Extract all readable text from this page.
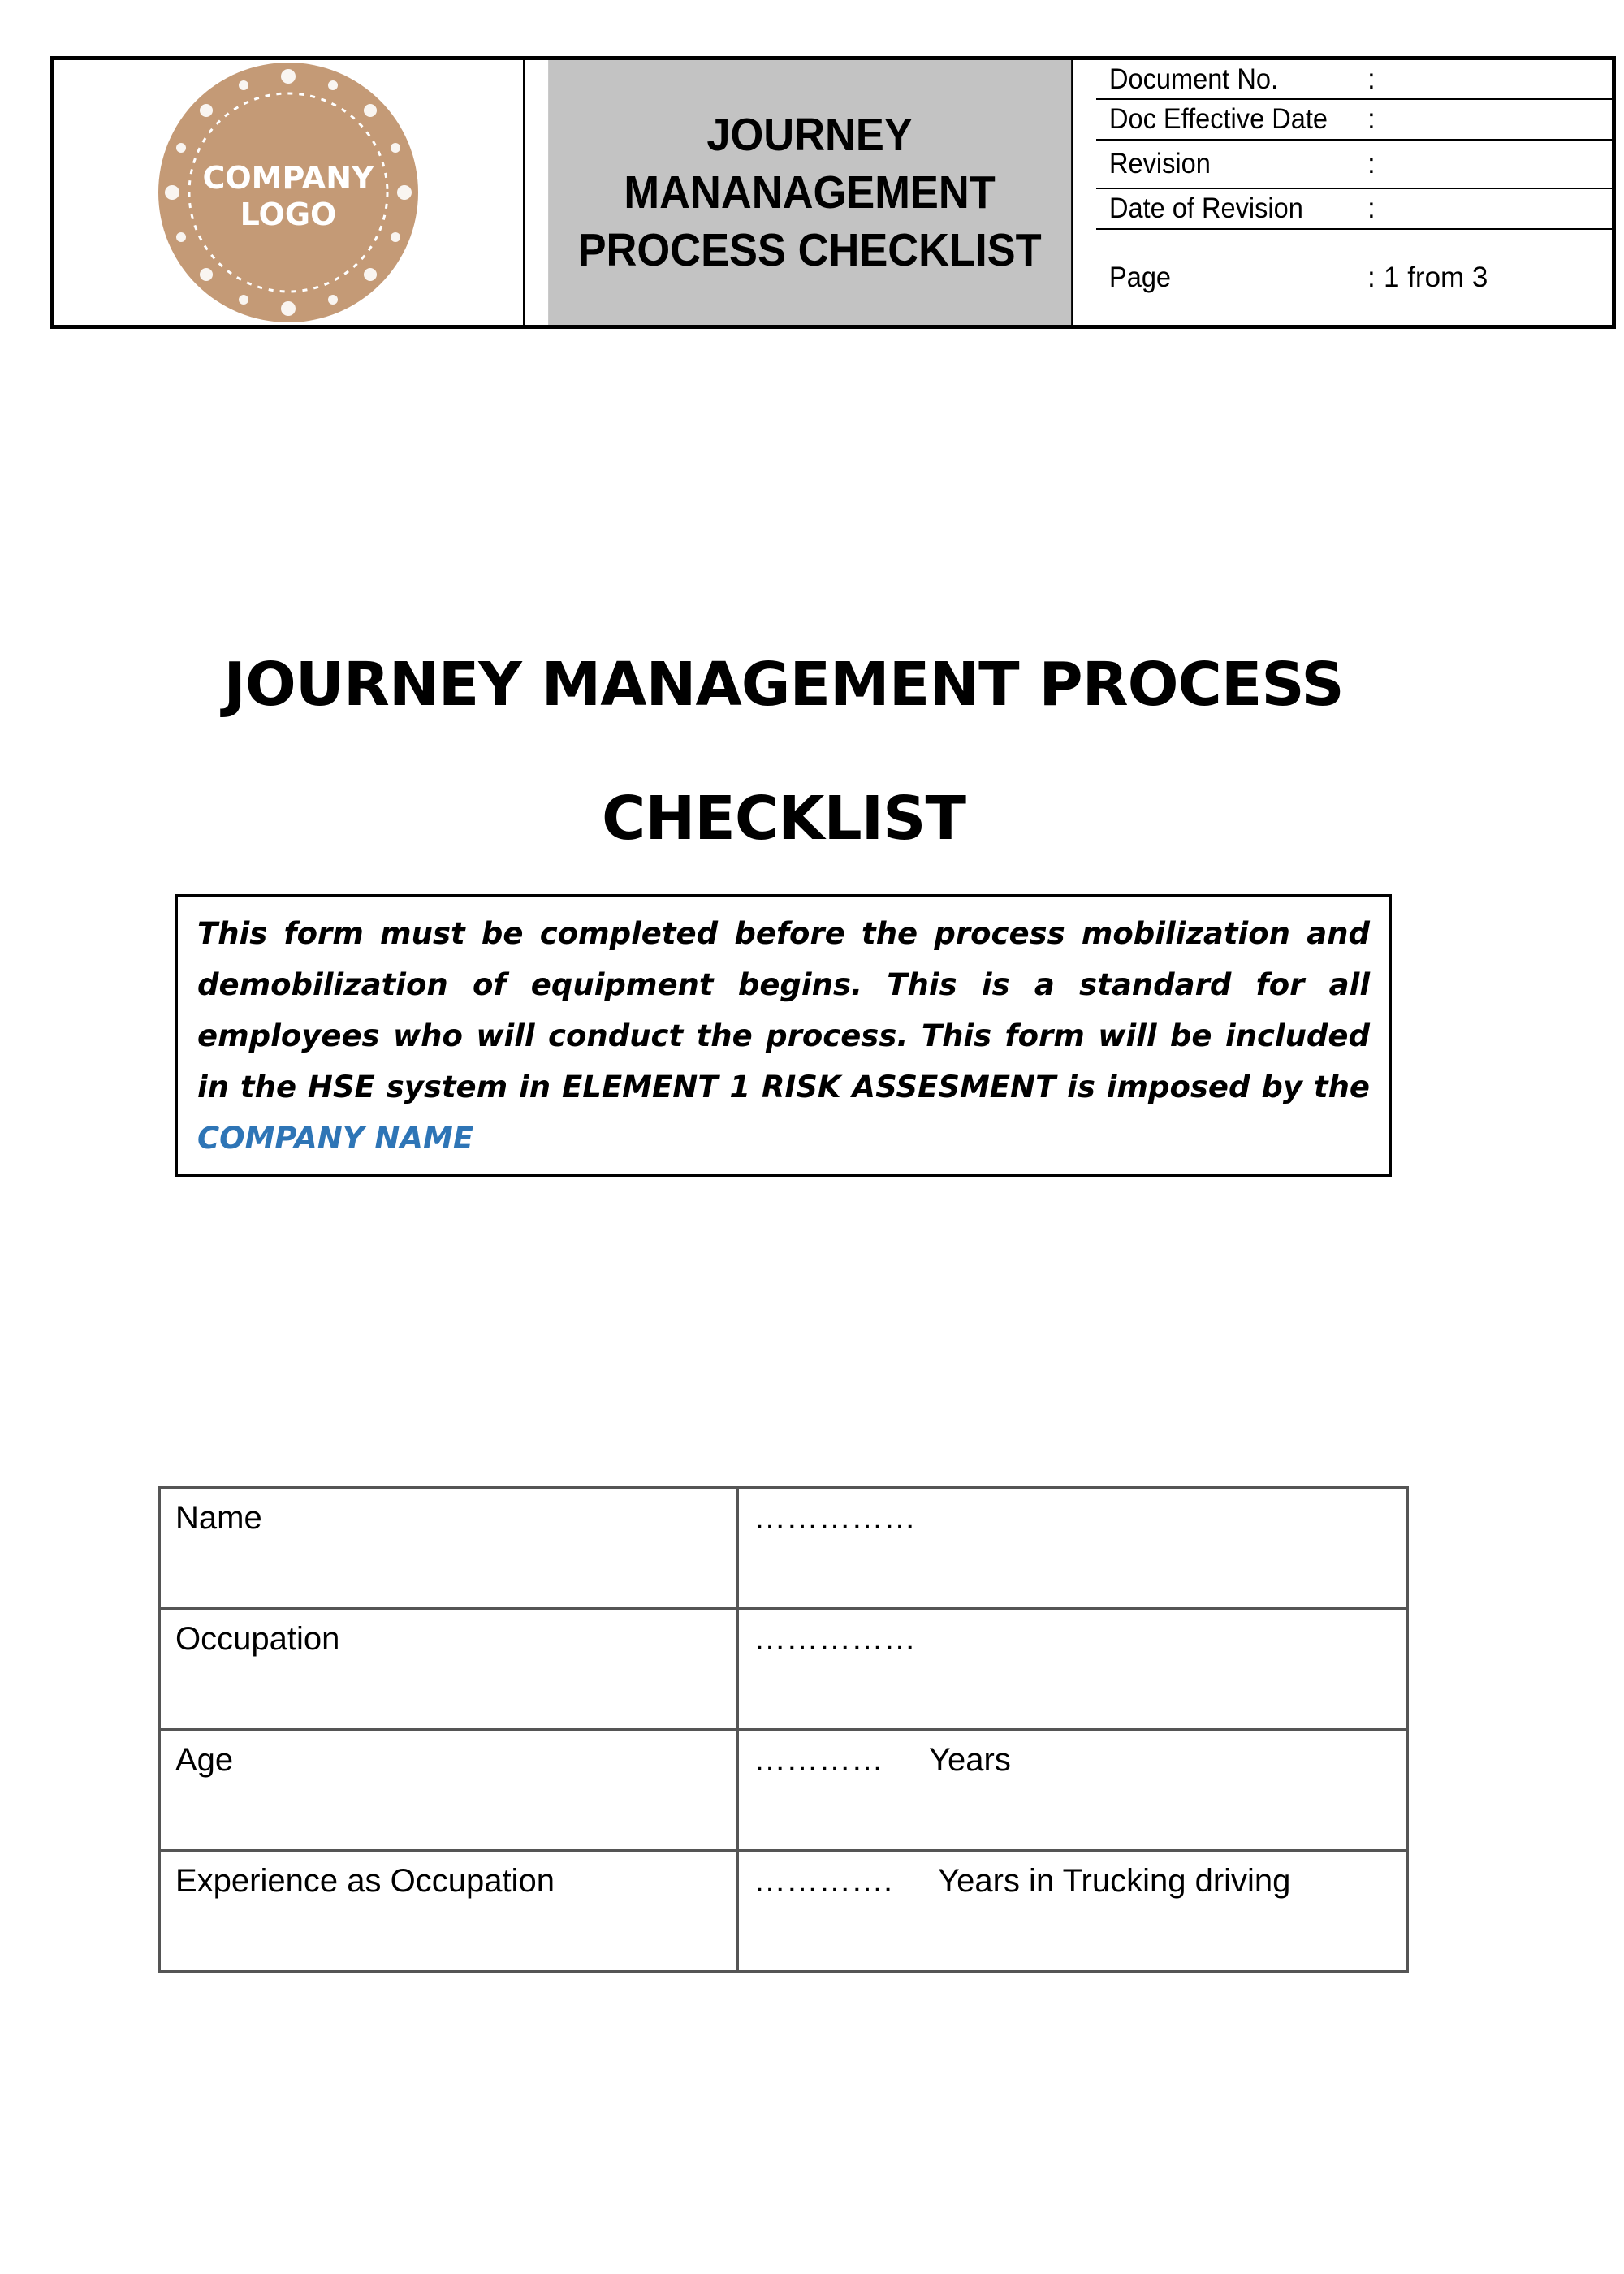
COMPANY
LOGO
JOURNEY
MANANAGEMENT
PROCESS CHECKLIST
Document No.	:
Doc Effective Date	:
Revision	:
Date of Revision	:
Page	: 1 from 3
JOURNEY MANAGEMENT PROCESS
CHECKLIST
This form must be completed before the process mobilization and demobilization of equipment begins. This is a standard for all employees who will conduct the process. This form will be included in the HSE system in ELEMENT 1 RISK ASSESMENT is imposed by the COMPANY NAME
Name	……………
Occupation	……………
Age	………… Years
Experience as Occupation	…………. Years in Trucking driving
